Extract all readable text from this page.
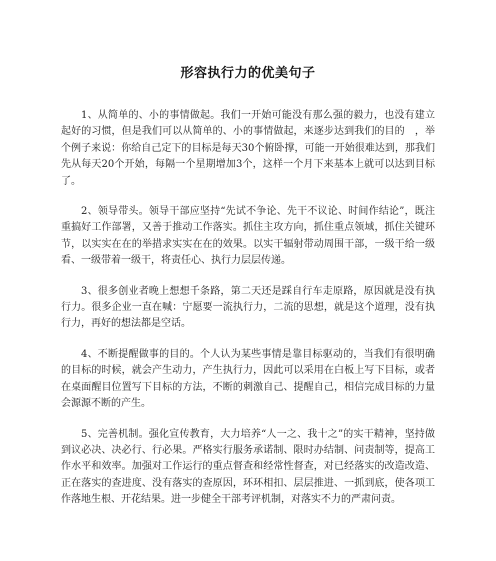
形容执行力的优美句子

1、从简单的、小的事情做起。我们一开始可能没有那么强的毅力，也没有建立起好的习惯，但是我们可以从简单的、小的事情做起，来逐步达到我们的目的　，举个例子来说：你给自己定下的目标是每天30个俯卧撑，可能一开始很难达到，那我们先从每天20个开始，每隔一个星期增加3个，这样一个月下来基本上就可以达到目标了。

2、领导带头。领导干部应坚持“先试不争论、先干不议论、时间作结论”，既注重搞好工作部署，又善于推动工作落实。抓住主攻方向，抓住重点领域，抓住关键环节，以实实在在的举措求实实在在的效果。以实干辐射带动周围干部，一级干给一级看、一级带着一级干，将责任心、执行力层层传递。

3、很多创业者晚上想想千条路，第二天还是踩自行车走原路，原因就是没有执行力。很多企业一直在喊：宁愿要一流执行力，二流的思想，就是这个道理，没有执行力，再好的想法都是空话。

4、不断提醒做事的目的。个人认为某些事情是靠目标驱动的，当我们有很明确的目标的时候，就会产生动力，产生执行力，因此可以采用在白板上写下目标，或者在桌面醒目位置写下目标的方法，不断的刺激自己、提醒自己，相信完成目标的力量会源源不断的产生。

5、完善机制。强化宣传教育，大力培养“人一之、我十之”的实干精神，坚持做到议必决、决必行、行必果。严格实行服务承诺制、限时办结制、问责制等，提高工作水平和效率。加强对工作运行的重点督查和经常性督查，对已经落实的改造改造、正在落实的查进度、没有落实的查原因，环环相扣、层层推进、一抓到底，使各项工作落地生根、开花结果。进一步健全干部考评机制，对落实不力的严肃问责。
